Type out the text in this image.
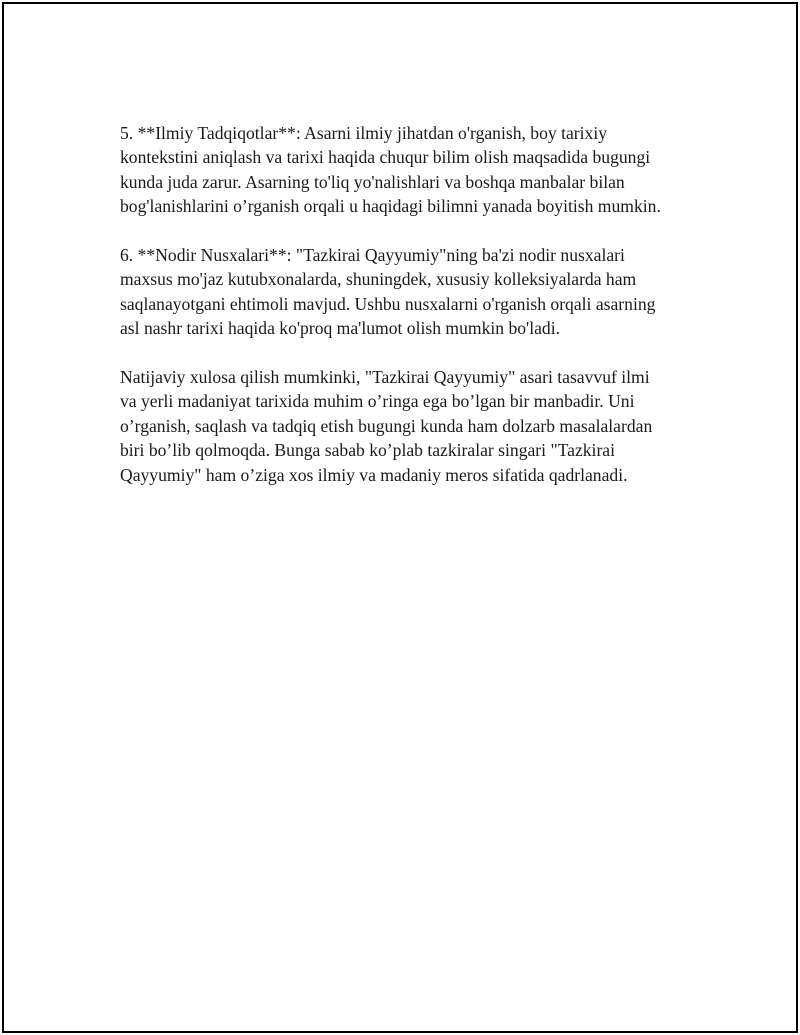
5. **Ilmiy Tadqiqotlar**: Asarni ilmiy jihatdan o'rganish, boy tarixiy
kontekstini aniqlash va tarixi haqida chuqur bilim olish maqsadida bugungi
kunda juda zarur. Asarning to'liq yo'nalishlari va boshqa manbalar bilan
bog'lanishlarini o’rganish orqali u haqidagi bilimni yanada boyitish mumkin.

6. **Nodir Nusxalari**: "Tazkirai Qayyumiy"ning ba'zi nodir nusxalari
maxsus mo'jaz kutubxonalarda, shuningdek, xususiy kolleksiyalarda ham
saqlanayotgani ehtimoli mavjud. Ushbu nusxalarni o'rganish orqali asarning
asl nashr tarixi haqida ko'proq ma'lumot olish mumkin bo'ladi.

Natijaviy xulosa qilish mumkinki, "Tazkirai Qayyumiy" asari tasavvuf ilmi
va yerli madaniyat tarixida muhim o’ringa ega bo’lgan bir manbadir. Uni
o’rganish, saqlash va tadqiq etish bugungi kunda ham dolzarb masalalardan
biri bo’lib qolmoqda. Bunga sabab ko’plab tazkiralar singari "Tazkirai
Qayyumiy" ham o’ziga xos ilmiy va madaniy meros sifatida qadrlanadi.
